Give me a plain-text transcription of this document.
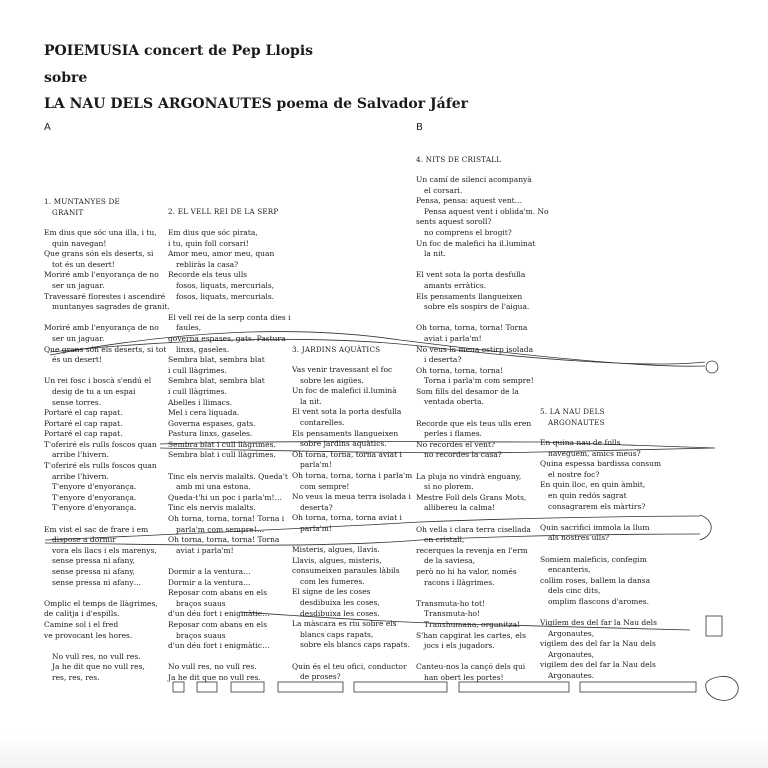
POIEMUSIA concert de Pep Llopis
sobre
LA NAU DELS ARGONAUTES poema de Salvador Jáfer
A	B
1. MUNTANYES DE
GRANIT	2. EL VELL REI DE LA SERP
3. JARDINS AQUÀTICS
4. NITS DE CRISTALL
5. LA NAU DELS
ARGONAUTES
Em dius que sóc una illa, i tu,
quin navegan!
Que grans són els deserts, si
tot és un desert!
Moriré amb l'enyorança de no
ser un jaguar.
Travessaré florestes i ascendiré
muntanyes sagrades de granit.
Moriré amb l'enyorança de no
ser un jaguar.
Que grans són els deserts, si tot
és un desert!
Un rei fosc i boscà s'endú el
desig de tu a un espai
sense torres.
Portaré el cap rapat.
Portaré el cap rapat.
Portaré el cap rapat.
T'oferiré els rulls foscos quan
arribe l'hivern.
T'oferiré els rulls foscos quan
arribe l'hivern.
T'enyore d'enyorança.
T'enyore d'enyorança.
T'enyore d'enyorança.
Em vist el sac de frare i em
dispose a dormir
vora els llacs i els marenys,
sense pressa ni afany,
sense pressa ni afany,
sense pressa ni afany…
Omplic el temps de llàgrimes,
de calitja i d'espills.
Camine sol i el fred
ve provocant les hores.
No vull res, no vull res.
Ja he dit que no vull res,
res, res, res.
Em dius que sóc pirata,
i tu, quin foll corsari!
Amor meu, amor meu, quan
rebliràs la casa?
Recorde els teus ulls
fosos, liquats, mercurials,
fosos, liquats, mercurials.
El vell rei de la serp conta dies i
faules,
governa espases, gats. Pastura
linxs, gaseles.
Sembra blat, sembra blat
i cull llàgrimes.
Sembra blat, sembra blat
i cull llàgrimes.
Abelles i llimacs.
Mel i cera liquada.
Governa espases, gats.
Pastura linxs, gaseles.
Sembra blat i cull llàgrimes.
Sembra blat i cull llàgrimes.
Tinc els nervis malalts. Queda't
amb mi una estona.
Queda-t'hi un poc i parla'm!…
Tinc els nervis malalts.
Oh torna, torna, torna! Torna i
parla'm com sempre!…
Oh torna, torna, torna! Torna
aviat i parla'm!
Dormir a la ventura…
Dormir a la ventura…
Reposar com abans en els
braços suaus
d'un déu fort i enigmàtic…
Reposar com abans en els
braços suaus
d'un déu fort i enigmàtic…
No vull res, no vull res.
Ja he dit que no vull res.
Vas venir travessant el foc
sobre les aigües.
Un foc de malefici il.luminà
la nit.
El vent sota la porta desfulla
contarelles.
Els pensaments llangueixen
sobre jardins aquàtics.
Oh torna, torna, torna aviat i
parla'm!
Oh torna, torna, torna i parla'm
com sempre!
No veus la meua terra isolada i
deserta?
Oh torna, torna, torna aviat i
parla'm!
Misteris, algues, llavis.
Llavis, algues, misteris,
consumeixen paraules làbils
com les fumeres.
El signe de les coses
desdibuixa les coses,
desdibuixa les coses.
La màscara es riu sobre els
blancs caps rapats,
sobre els blancs caps rapats.
Quin és el teu ofici, conductor
de proses?
Un camí de silenci acompanyà
el corsari.
Pensa, pensa: aquest vent…
Pensa aquest vent i oblida'm. No
sents aquest soroll?
no comprens el brogit?
Un foc de malefici ha il.luminat
la nit.
El vent sota la porta desfulla
amants erràtics.
Els pensaments llangueixen
sobre els sospirs de l'aigua.
Oh torna, torna, torna! Torna
aviat i parla'm!
No veus la meua estirp isolada
i deserta?
Oh torna, torna, torna!
Torna i parla'm com sempre!
Som fills del desamor de la
ventada oberta.
Recorde que els teus ulls eren
perles i flames.
No recordes el vent?
no recordes la casa?
La pluja no vindrà enguany,
si no plorem.
Mestre Foll dels Grans Mots,
allibereu la calma!
Oh vella i clara terra cisellada
en cristall,
recerques la revenja en l'erm
de la saviesa,
però no hi ha valor, només
racons i llàgrimes.
Transmuta-ho tot!
Transmuta-ho!
Transhumana, organitza!
S'han capgirat les cartes, els
jocs i els jugadors.
Canteu-nos la cançó dels qui
han obert les portes!
En quina nau de folls
naveguem, amics meus?
Quina espessa bardissa consum
el nostre foc?
En quin lloc, en quin àmbit,
en quin redós sagrat
consagrarem els màrtirs?
Quin sacrifici immola la llum
als nostres ulls?
Somiem maleficis, confegim
encanteris,
collim roses, ballem la dansa
dels cinc dits,
omplim flascons d'aromes.
Vigilem des del far la Nau dels
Argonautes,
vigilem des del far la Nau dels
Argonautes,
vigilem des del far la Nau dels
Argonautes.
